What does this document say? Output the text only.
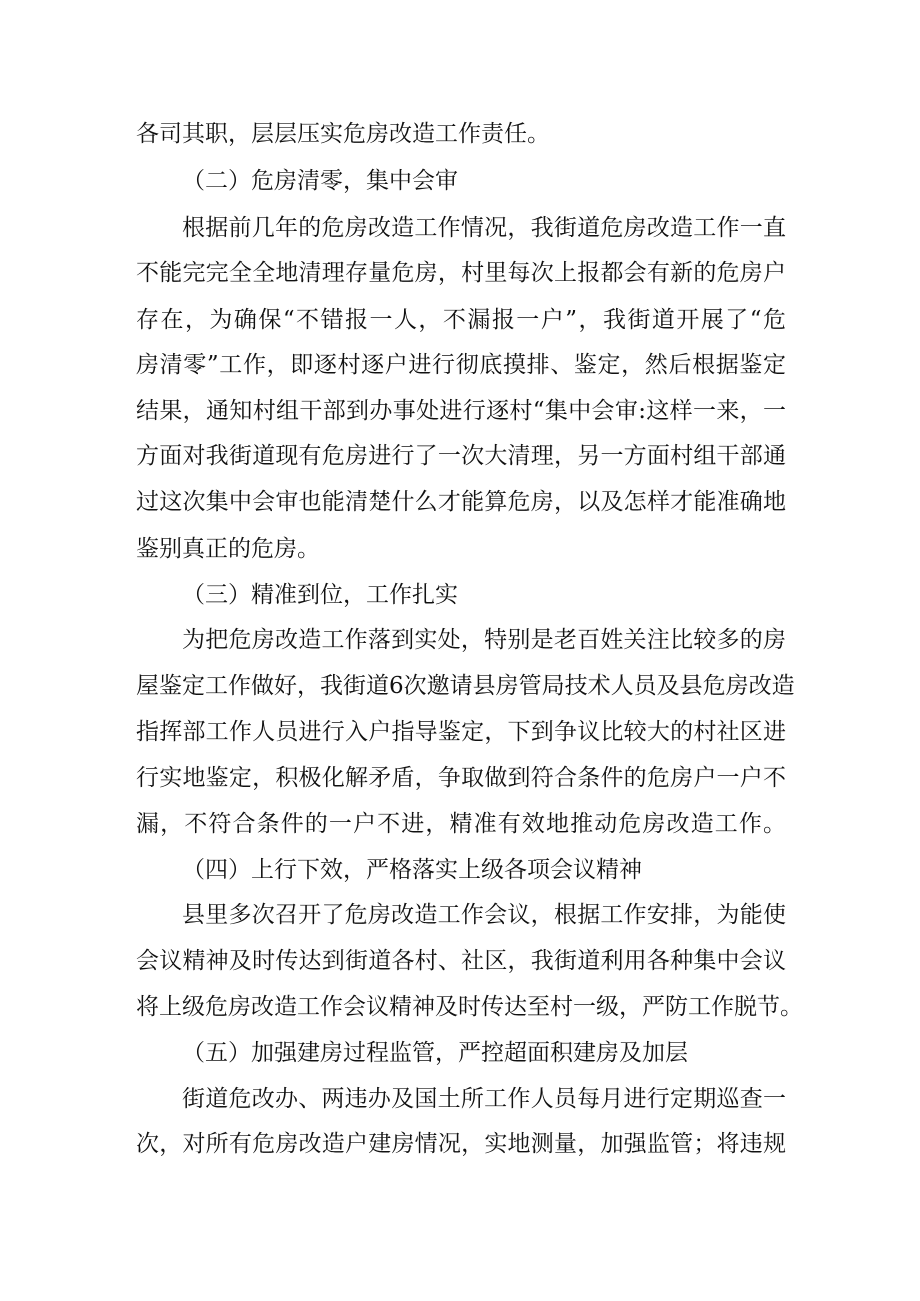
各司其职，层层压实危房改造工作责任。
（二）危房清零，集中会审
根据前几年的危房改造工作情况，我街道危房改造工作一直
不能完完全全地清理存量危房，村里每次上报都会有新的危房户
存在，为确保“不错报一人，不漏报一户”，我街道开展了“危
房清零”工作，即逐村逐户进行彻底摸排、鉴定，然后根据鉴定
结果，通知村组干部到办事处进行逐村“集中会审:这样一来，一
方面对我街道现有危房进行了一次大清理，另一方面村组干部通
过这次集中会审也能清楚什么才能算危房，以及怎样才能准确地
鉴别真正的危房。
（三）精准到位，工作扎实
为把危房改造工作落到实处，特别是老百姓关注比较多的房
屋鉴定工作做好，我街道6次邀请县房管局技术人员及县危房改造
指挥部工作人员进行入户指导鉴定，下到争议比较大的村社区进
行实地鉴定，积极化解矛盾，争取做到符合条件的危房户一户不
漏，不符合条件的一户不进，精准有效地推动危房改造工作。
（四）上行下效，严格落实上级各项会议精神
县里多次召开了危房改造工作会议，根据工作安排，为能使
会议精神及时传达到街道各村、社区，我街道利用各种集中会议
将上级危房改造工作会议精神及时传达至村一级，严防工作脱节。
（五）加强建房过程监管，严控超面积建房及加层
街道危改办、两违办及国土所工作人员每月进行定期巡查一
次，对所有危房改造户建房情况，实地测量，加强监管；将违规
